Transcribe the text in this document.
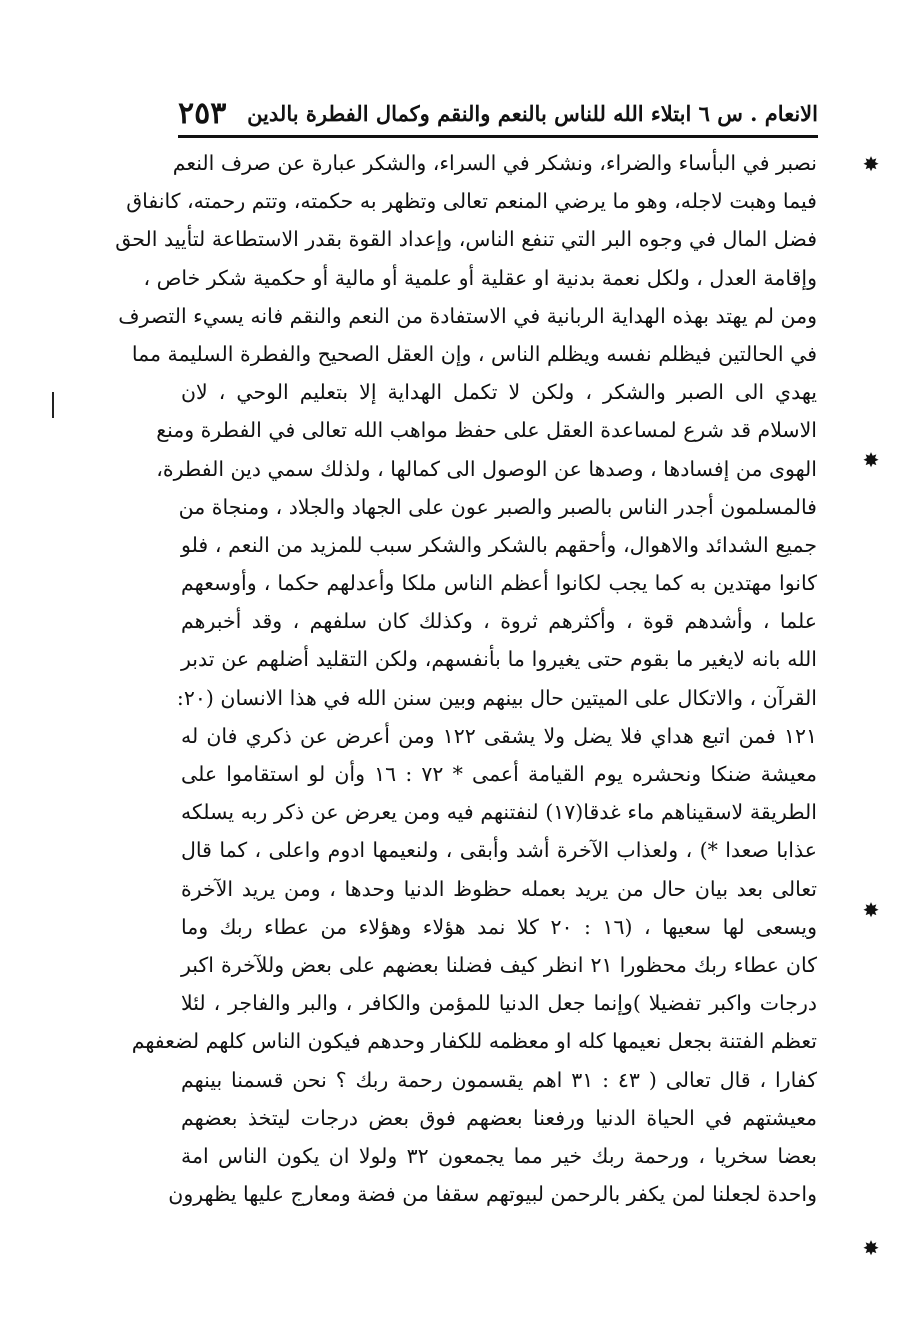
الانعام . س ٦ ابتلاء الله للناس بالنعم والنقم وكمال الفطرة بالدين
٢٥٣
نصبر في البأساء والضراء، ونشكر في السراء، والشكر عبارة عن صرف النعم
فيما وهبت لاجله، وهو ما يرضي المنعم تعالى وتظهر به حكمته، وتتم رحمته، كانفاق
فضل المال في وجوه البر التي تنفع الناس، وإعداد القوة بقدر الاستطاعة لتأييد الحق
وإقامة العدل ، ولكل نعمة بدنية او عقلية أو علمية أو مالية أو حكمية شكر خاص ،
ومن لم يهتد بهذه الهداية الربانية في الاستفادة من النعم والنقم فانه يسيء التصرف
في الحالتين فيظلم نفسه ويظلم الناس ، وإن العقل الصحيح والفطرة السليمة مما
يهدي الى الصبر والشكر ، ولكن لا تكمل الهداية إلا بتعليم الوحي ، لان
الاسلام قد شرع لمساعدة العقل على حفظ مواهب الله تعالى في الفطرة ومنع
الهوى من إفسادها ، وصدها عن الوصول الى كمالها ، ولذلك سمي دين الفطرة،
فالمسلمون أجدر الناس بالصبر والصبر عون على الجهاد والجلاد ، ومنجاة من
جميع الشدائد والاهوال، وأحقهم بالشكر والشكر سبب للمزيد من النعم ، فلو
كانوا مهتدين به كما يجب لكانوا أعظم الناس ملكا وأعدلهم حكما ، وأوسعهم
علما ، وأشدهم قوة ، وأكثرهم ثروة ، وكذلك كان سلفهم ، وقد أخبرهم
الله بانه لايغير ما بقوم حتى يغيروا ما بأنفسهم، ولكن التقليد أضلهم عن تدبر
القرآن ، والاتكال على الميتين حال بينهم وبين سنن الله في هذا الانسان (٢٠:
١٢١ فمن اتبع هداي فلا يضل ولا يشقى ١٢٢ ومن أعرض عن ذكري فان له
معيشة ضنكا ونحشره يوم القيامة أعمى * ٧٢ : ١٦ وأن لو استقاموا على
الطريقة لاسقيناهم ماء غدقا(١٧) لنفتنهم فيه ومن يعرض عن ذكر ربه يسلكه
عذابا صعدا *) ، ولعذاب الآخرة أشد وأبقى ، ولنعيمها ادوم واعلى ، كما قال
تعالى بعد بيان حال من يريد بعمله حظوظ الدنيا وحدها ، ومن يريد الآخرة
ويسعى لها سعيها ، (١٦ : ٢٠ كلا نمد هؤلاء وهؤلاء من عطاء ربك وما
كان عطاء ربك محظورا ٢١ انظر كيف فضلنا بعضهم على بعض وللآخرة اكبر
درجات واكبر تفضيلا )وإنما جعل الدنيا للمؤمن والكافر ، والبر والفاجر ، لئلا
تعظم الفتنة بجعل نعيمها كله او معظمه للكفار وحدهم فيكون الناس كلهم لضعفهم
كفارا ، قال تعالى ( ٤٣ : ٣١ اهم يقسمون رحمة ربك ؟ نحن قسمنا بينهم
معيشتهم في الحياة الدنيا ورفعنا بعضهم فوق بعض درجات ليتخذ بعضهم
بعضا سخريا ، ورحمة ربك خير مما يجمعون ٣٢ ولولا ان يكون الناس امة
واحدة لجعلنا لمن يكفر بالرحمن لبيوتهم سقفا من فضة ومعارج عليها يظهرون
✸
✸
✸
✸
